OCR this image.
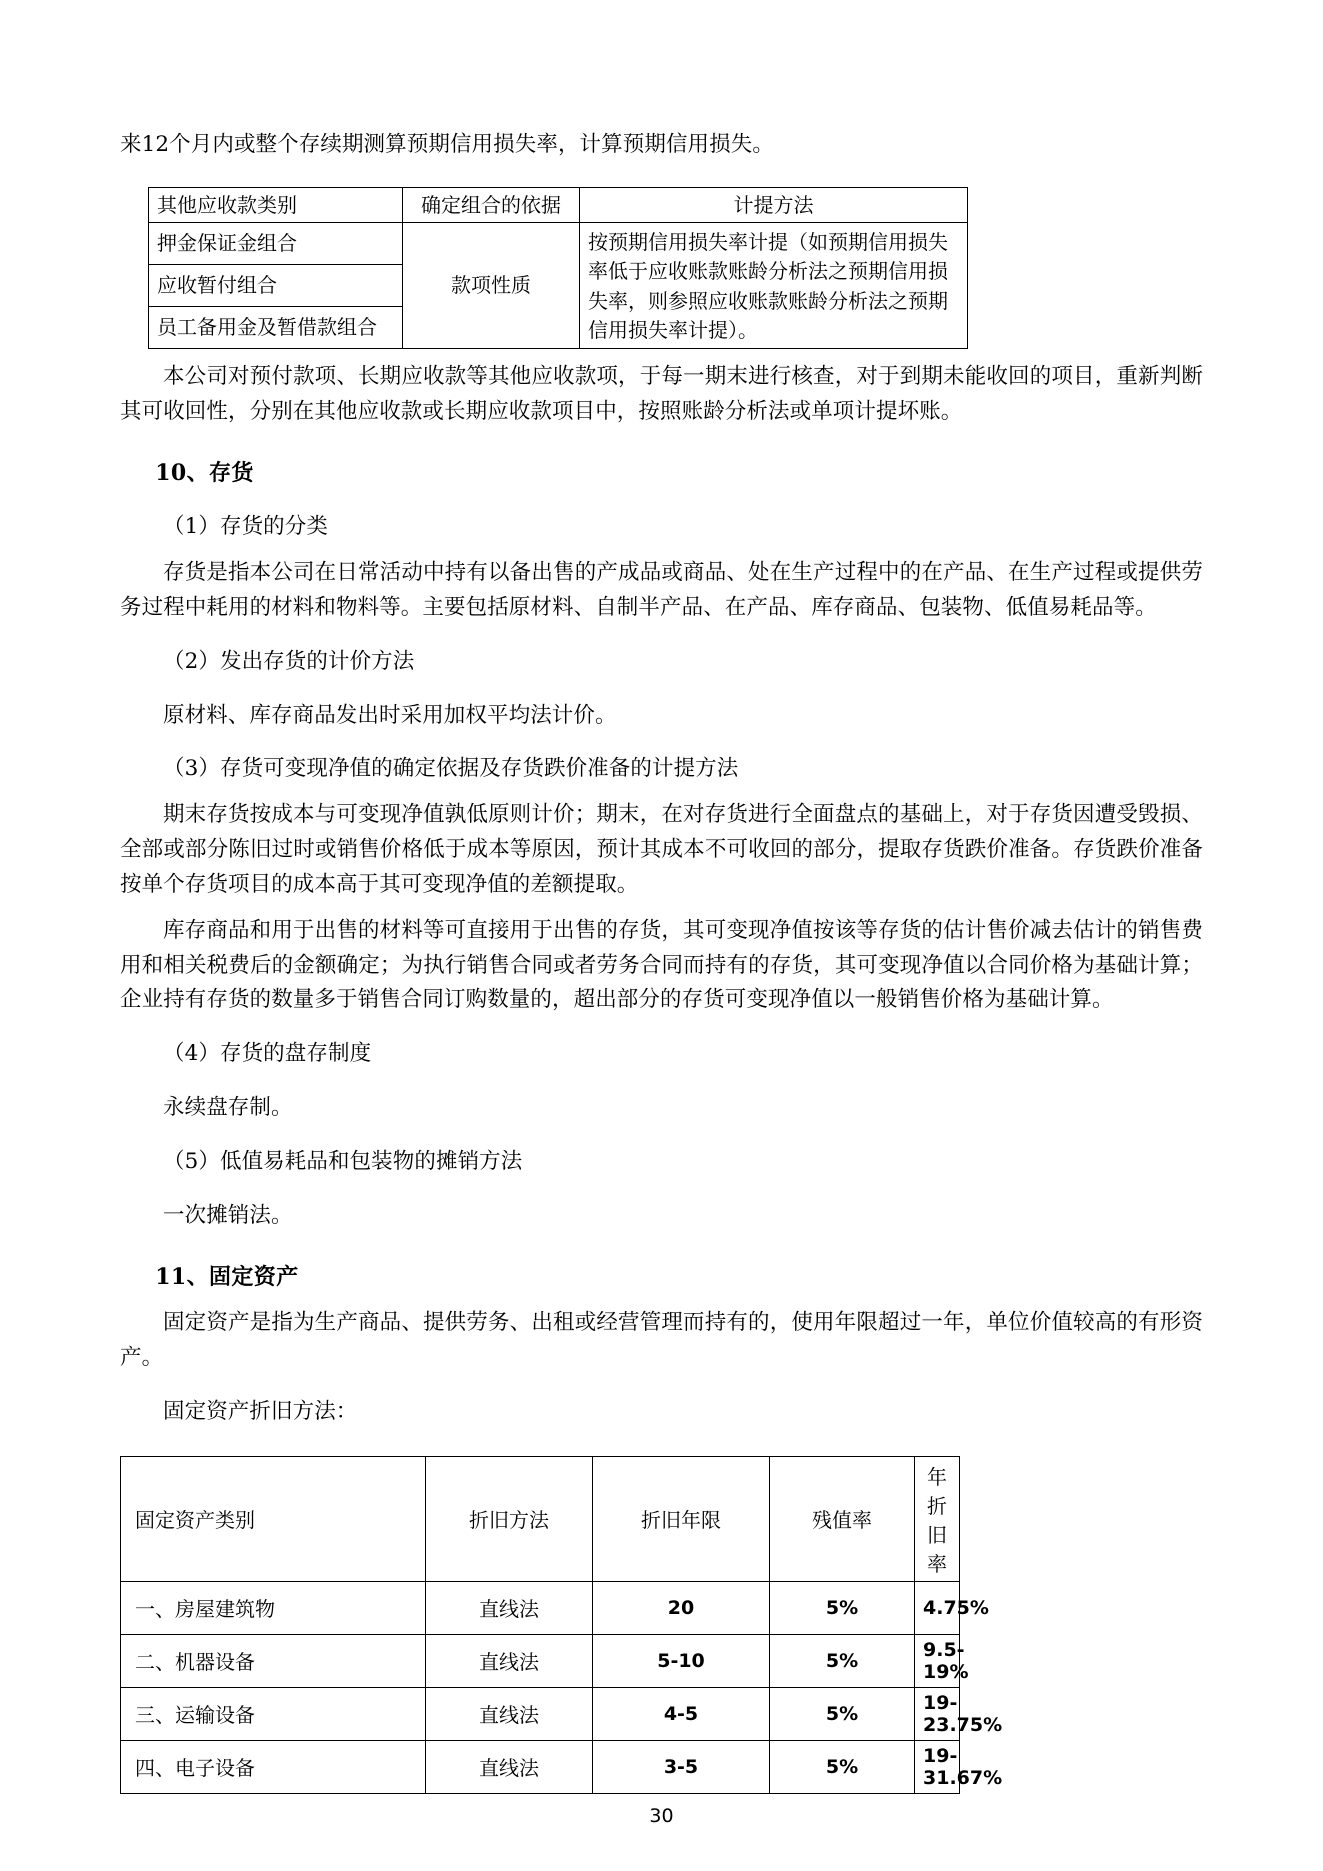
来12个月内或整个存续期测算预期信用损失率，计算预期信用损失。

其他应收款类别	确定组合的依据	计提方法
押金保证金组合	款项性质	按预期信用损失率计提（如预期信用损失率低于应收账款账龄分析法之预期信用损失率，则参照应收账款账龄分析法之预期信用损失率计提）。
应收暂付组合		
员工备用金及暂借款组合		

本公司对预付款项、长期应收款等其他应收款项，于每一期末进行核查，对于到期未能收回的项目，重新判断其可收回性，分别在其他应收款或长期应收款项目中，按照账龄分析法或单项计提坏账。

10、存货

（1）存货的分类

存货是指本公司在日常活动中持有以备出售的产成品或商品、处在生产过程中的在产品、在生产过程或提供劳务过程中耗用的材料和物料等。主要包括原材料、自制半产品、在产品、库存商品、包装物、低值易耗品等。

（2）发出存货的计价方法

原材料、库存商品发出时采用加权平均法计价。

（3）存货可变现净值的确定依据及存货跌价准备的计提方法

期末存货按成本与可变现净值孰低原则计价；期末，在对存货进行全面盘点的基础上，对于存货因遭受毁损、全部或部分陈旧过时或销售价格低于成本等原因，预计其成本不可收回的部分，提取存货跌价准备。存货跌价准备按单个存货项目的成本高于其可变现净值的差额提取。

库存商品和用于出售的材料等可直接用于出售的存货，其可变现净值按该等存货的估计售价减去估计的销售费用和相关税费后的金额确定；为执行销售合同或者劳务合同而持有的存货，其可变现净值以合同价格为基础计算；企业持有存货的数量多于销售合同订购数量的，超出部分的存货可变现净值以一般销售价格为基础计算。

（4）存货的盘存制度

永续盘存制。

（5）低值易耗品和包装物的摊销方法

一次摊销法。

11、固定资产

固定资产是指为生产商品、提供劳务、出租或经营管理而持有的，使用年限超过一年，单位价值较高的有形资产。

固定资产折旧方法：

固定资产类别	折旧方法	折旧年限	残值率	年折旧率
一、房屋建筑物	直线法	20	5%	4.75%
二、机器设备	直线法	5-10	5%	9.5-19%
三、运输设备	直线法	4-5	5%	19-23.75%
四、电子设备	直线法	3-5	5%	19-31.67%
30
